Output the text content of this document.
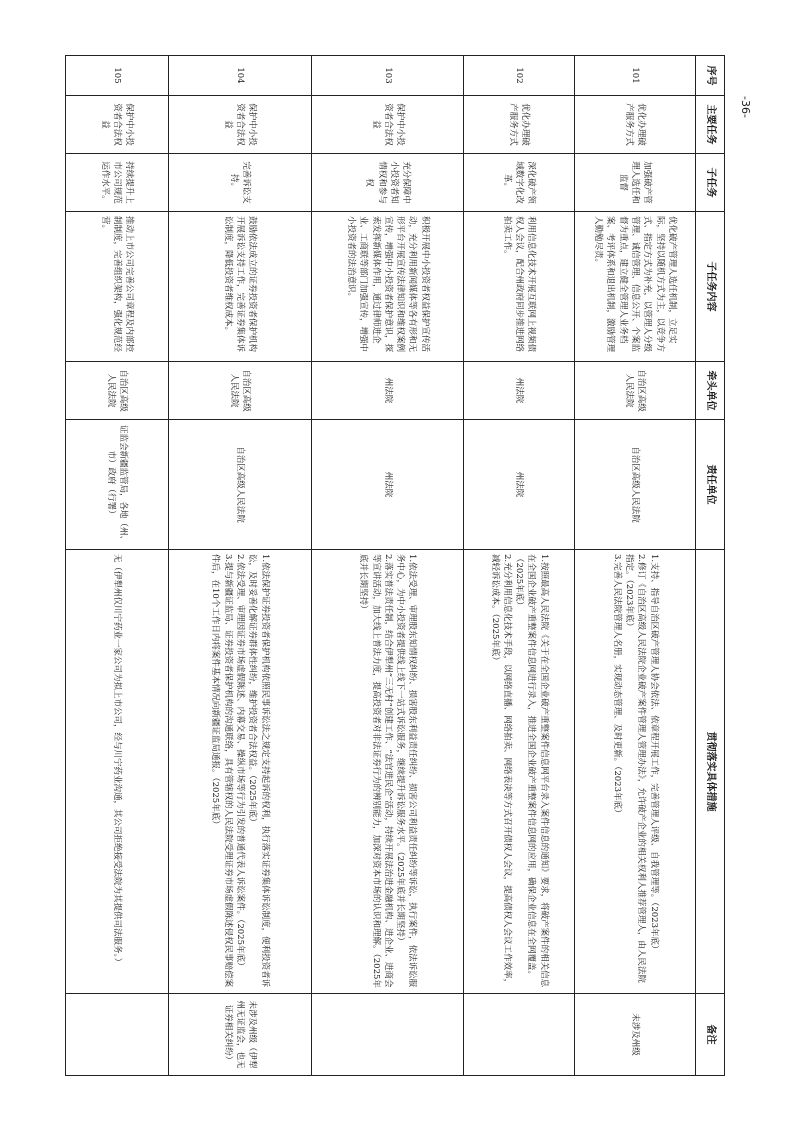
-36-
序号	主要任务	子任务	子任务内容	牵头单位	责任单位	贯彻落实具体措施	备注
101	优化办理破产服务方式	加强破产管理人选任和监督	优化破产管理人选任机制，立足实际，坚持以随机方式为主，以竞争方式、指定方式为补充，以管理人分级管理、诚信管理、信息公开、个案监督为重点，建立健全管理人业务档案、考评体系和退出机制，激励管理人勤勉尽责。	自治区高级人民法院	自治区高级人民法院	1.支持、指导自治区破产管理人协会依法、依章程开展工作，完善管理人评级、自我管理等。（2023年底）
2.修订《自治区高级人民法院企业破产案件管理人管理办法》，允许破产企业的相关权利人推荐管理人，由人民法院指定。（2023年底）
3.完善人民法院管理人名册，实现动态管理、及时更新。（2023年底）	未涉及州级
102	优化办理破产服务方式	深化破产领域数字化改革。	利用信息化技术开展互联网上视频债权人会议，配合州政府同步推进网络拍卖工作。	州法院	州法院	1.按照最高人民法院《关于在全国企业破产重整案件信息网平台录入案件信息的通知》要求，将破产案件的相关信息在全国企业破产重整案件信息网进行录入，推进全国企业破产重整案件信息网的应用，确保企业信息在全网覆盖。（2025年底）
2.充分利用信息化技术手段，以网络直播、网络拍卖、网络表决等方式召开债权人会议，提高债权人会议工作效率，减轻诉讼成本。（2025年底）	

103	保护中小投资者合法权益	充分保障中小投资者知情权和参与权	积极开展中小投资者权益保护宣传活动，充分利用新闻媒体等各有形和无形平台开展宣传法律知识和维权案例宣传，增强中小投资者保护意识，探索发挥新媒体作用，通过律师进企业、工商联等部门加强宣传，增强中小投资者的法治意识。	州法院	州法院	1.依法受理、审理股东知情权纠纷、损害股东利益责任纠纷、损害公司利益责任纠纷等诉讼，执行案件，依法诉讼服务中心，为中小投资者提供线上线下一站式诉讼服务，继续提升诉讼服务水平。（2025年底并长期坚持）
2.落实普法责任制，结合伊犁州“三无村”创建工作、“法官进民企”活动，持续开展法治进金融机构、进企业、进商会等宣讲活动，加大线上普法力度，提高投资者对非法证券行为的辨别能力，加深对资本市场的认识和理解。（2025年底并长期坚持）	

104	保护中小投资者合法权益	完善诉讼支持。	鼓励依法成立的证券投资者保护机构开展诉讼支持工作，完善证券集体诉讼制度，降低投资者维权成本。	自治区高级人民法院	自治区高级人民法院	1.依法保护证券投资者保护机构依照民事诉讼法之规定支持起诉的权利，执行落实证券集体诉讼制度，便利投资者诉讼，及时妥善化解证券群体性纠纷，维护投资者合法权益。（2025年底）
2.依法受理、审理因证券市场虚假陈述、内幕交易、操纵市场等行为引发的普通代表人诉讼案件。（2025年底）
3.提与新疆证监局、证券投资者保护机构的沟通联络，具有管辖权的人民法院受理证券市场虚假陈述侵权民事赔偿案件后，在10个工作日内将案件基本情况向新疆证监局通报。（2025年底）	未涉及州级（伊犁州无证监会，也无证券相关纠纷）
105	保护中小投资者合法权益	持续提升上市公司规范运作水平。	推动上市公司完善公司章程及内部控制制度，完善组织架构，强化规范经营。	自治区高级人民法院	证监会新疆监管局，各地（州、市）政府（行署）	无（伊犁州仅川宁药业一家公司为拟上市公司，经与川宁药业沟通，其公司拒绝接受法院为其提供司法服务。）	
